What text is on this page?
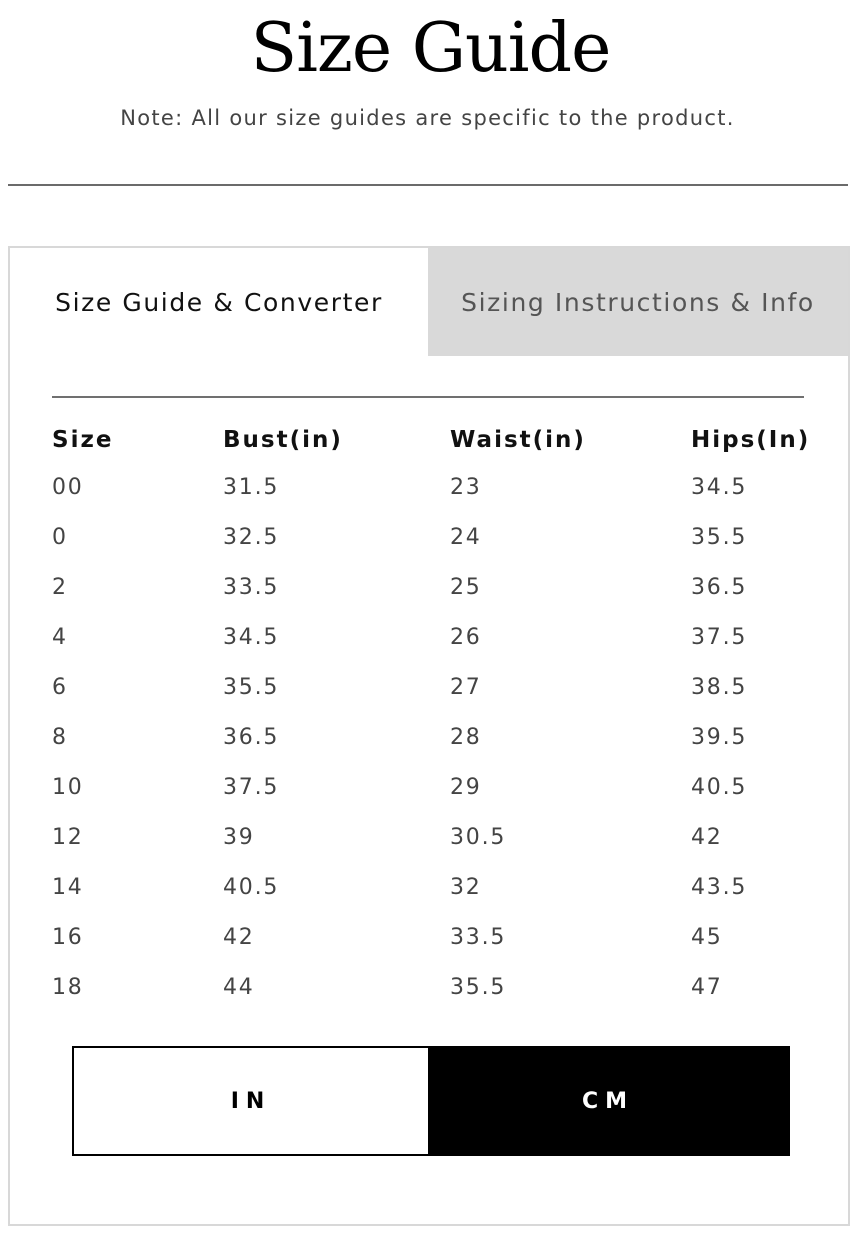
Size Guide
Note: All our size guides are specific to the product.
Size Guide & Converter	Sizing Instructions & Info
Size	Bust(in)	Waist(in)	Hips(In)
00	31.5	23	34.5
0	32.5	24	35.5
2	33.5	25	36.5
4	34.5	26	37.5
6	35.5	27	38.5
8	36.5	28	39.5
10	37.5	29	40.5
12	39	30.5	42
14	40.5	32	43.5
16	42	33.5	45
18	44	35.5	47
IN	CM
